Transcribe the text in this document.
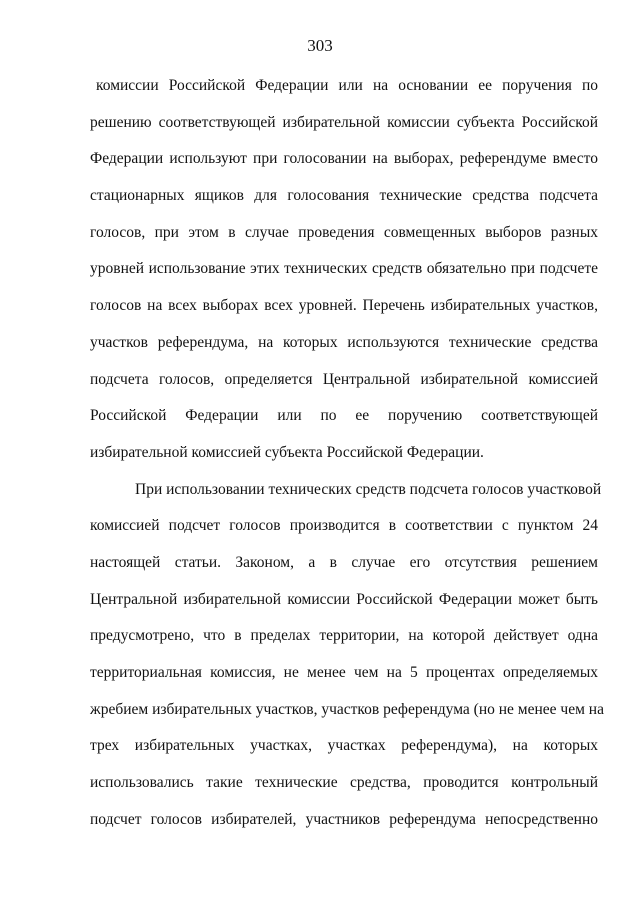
303
комиссии Российской Федерации или на основании ее поручения по
решению соответствующей избирательной комиссии субъекта Российской
Федерации используют при голосовании на выборах, референдуме вместо
стационарных ящиков для голосования технические средства подсчета
голосов, при этом в случае проведения совмещенных выборов разных
уровней использование этих технических средств обязательно при подсчете
голосов на всех выборах всех уровней. Перечень избирательных участков,
участков референдума, на которых используются технические средства
подсчета голосов, определяется Центральной избирательной комиссией
Российской Федерации или по ее поручению соответствующей
избирательной комиссией субъекта Российской Федерации.
При использовании технических средств подсчета голосов участковой
комиссией подсчет голосов производится в соответствии с пунктом 24
настоящей статьи. Законом, а в случае его отсутствия решением
Центральной избирательной комиссии Российской Федерации может быть
предусмотрено, что в пределах территории, на которой действует одна
территориальная комиссия, не менее чем на 5 процентах определяемых
жребием избирательных участков, участков референдума (но не менее чем на
трех избирательных участках, участках референдума), на которых
использовались такие технические средства, проводится контрольный
подсчет голосов избирателей, участников референдума непосредственно
